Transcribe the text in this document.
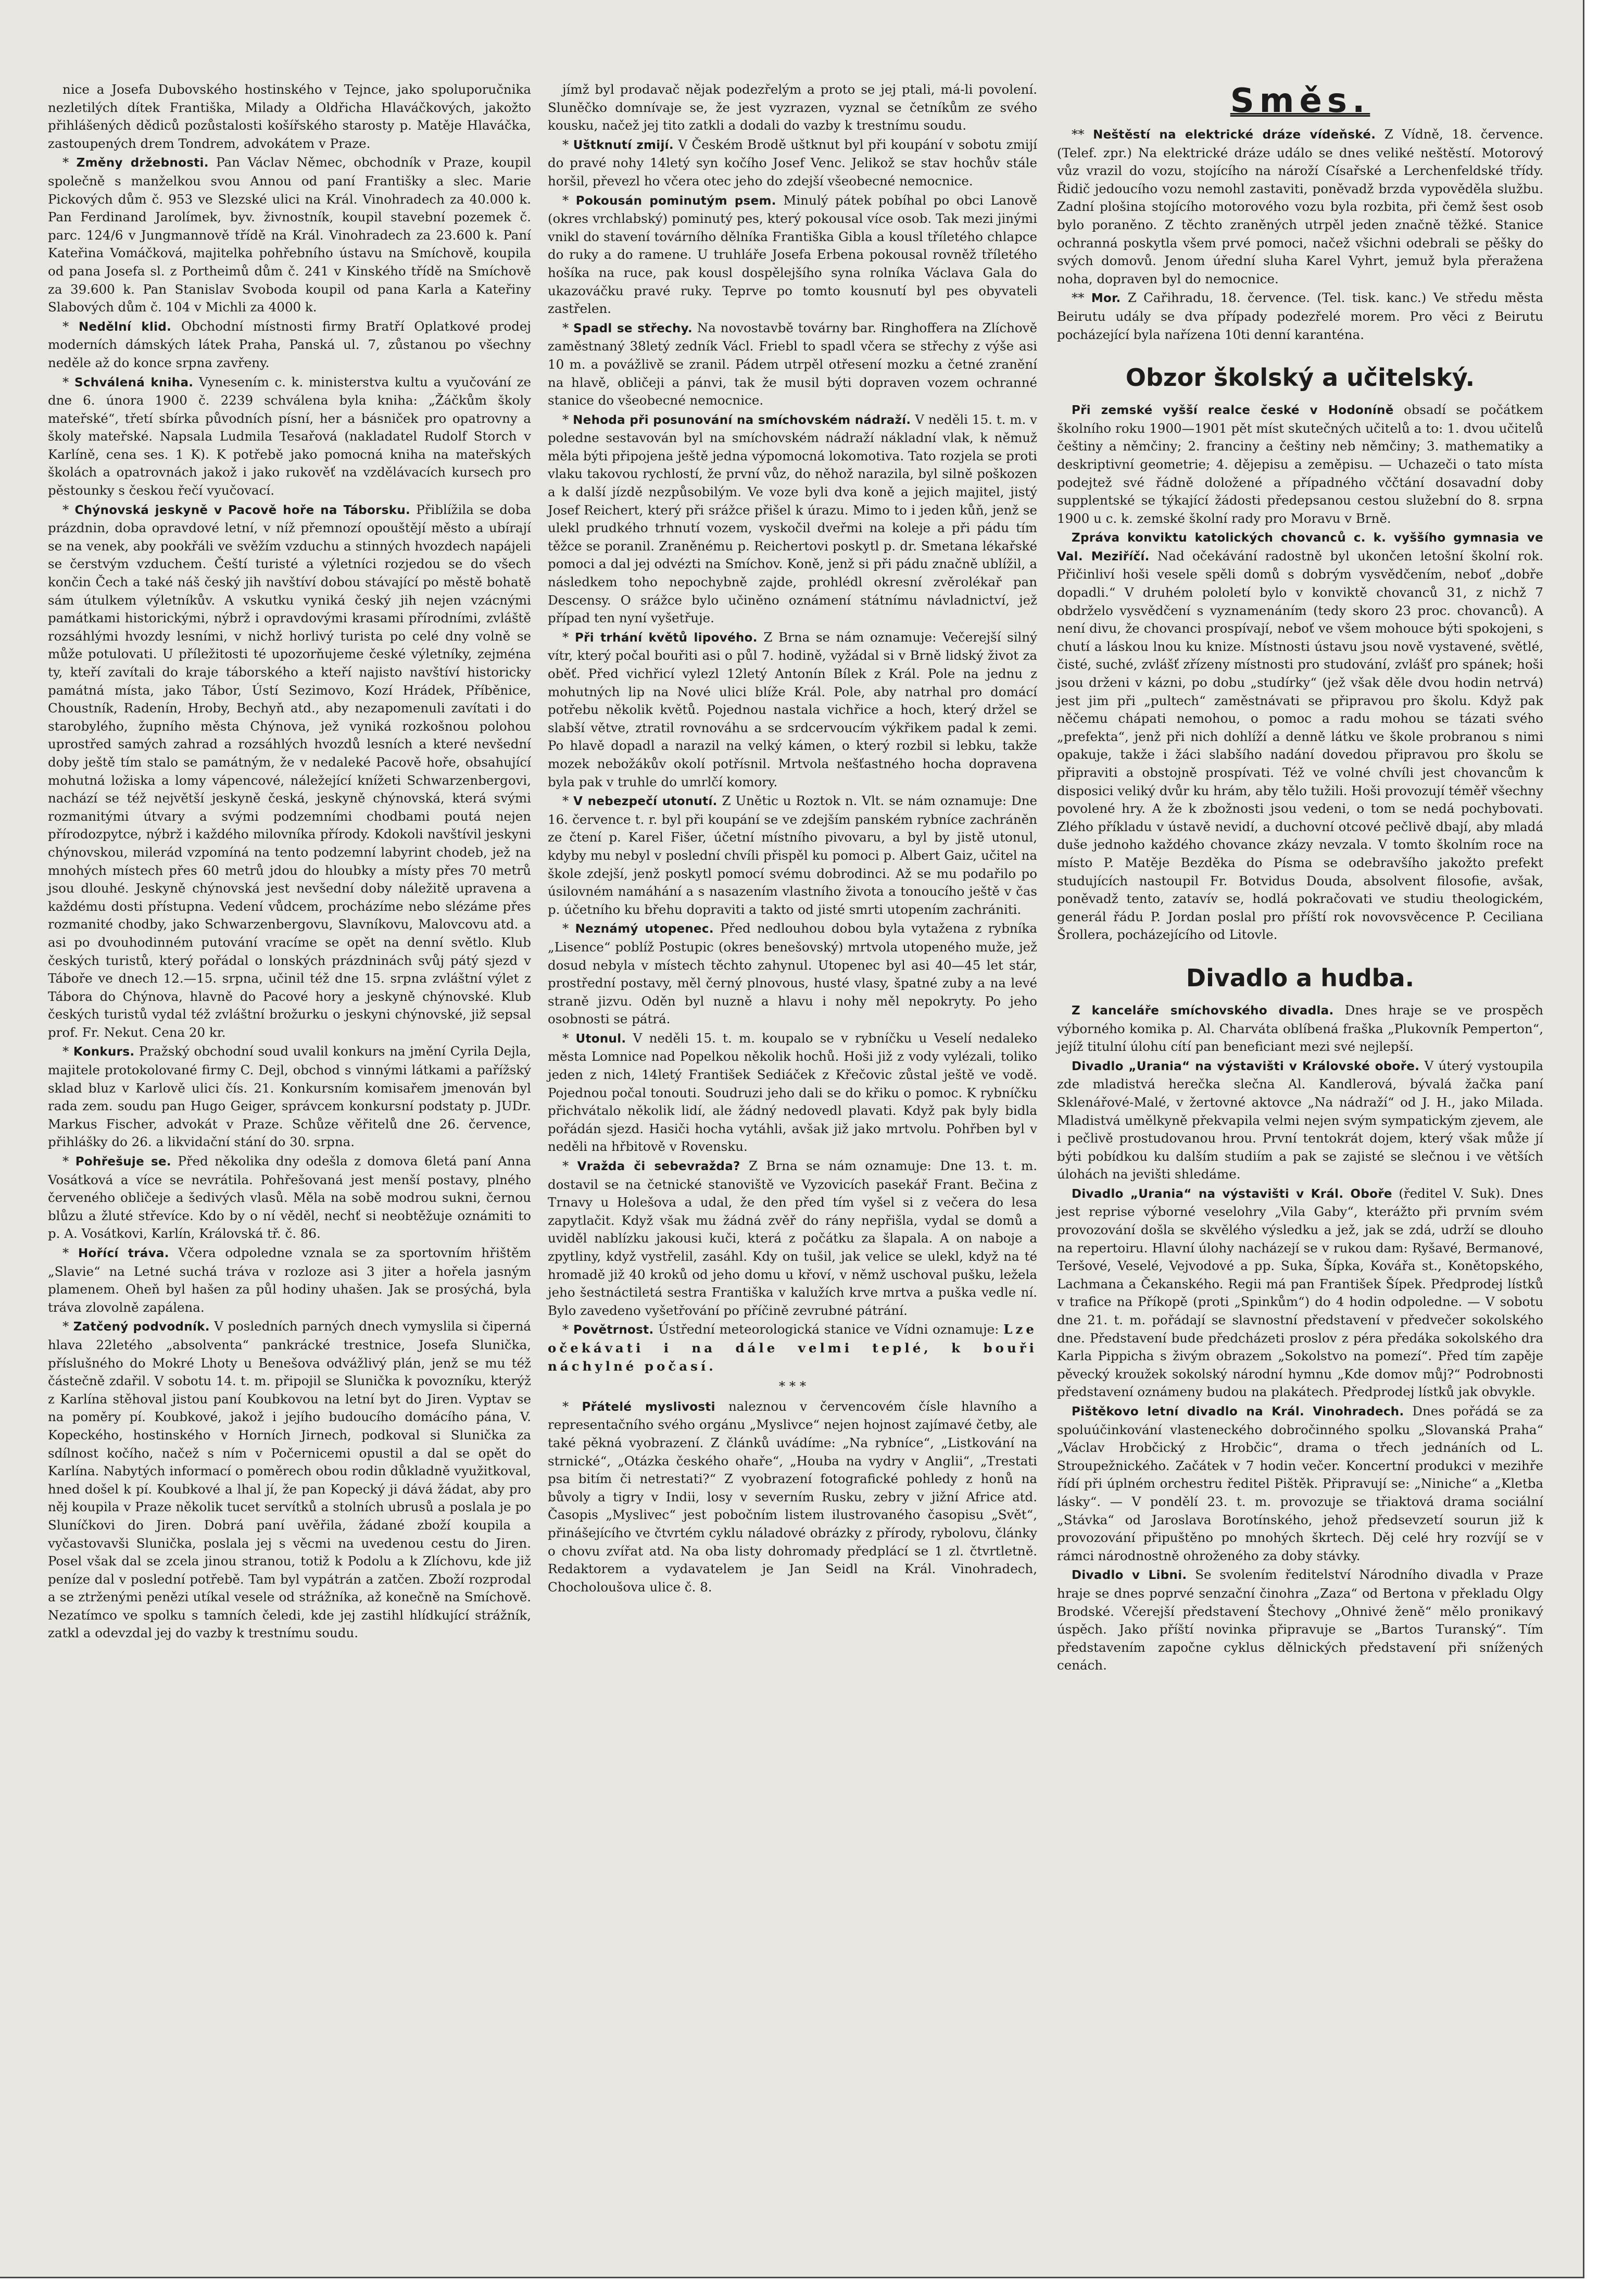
nice a Josefa Dubovského hostinského v Tejnce, jako spoluporučnika nezletilých dítek Františka, Milady a Oldřicha Hlaváčkových, jakožto přihlášených dědiců pozůstalosti košířského starosty p. Matěje Hlaváčka, zastoupených drem Tondrem, advokátem v Praze.

* Změny držebnosti. Pan Václav Němec, obchodník v Praze, koupil společně s manželkou svou Annou od paní Františky a slec. Marie Pickových dům č. 953 ve Slezské ulici na Král. Vinohradech za 40.000 k. Pan Ferdinand Jarolímek, byv. živnostník, koupil stavební pozemek č. parc. 124/6 v Jungmannově třídě na Král. Vinohradech za 23.600 k. Paní Kateřina Vomáčková, majitelka pohřebního ústavu na Smíchově, koupila od pana Josefa sl. z Portheimů dům č. 241 v Kinského třídě na Smíchově za 39.600 k. Pan Stanislav Svoboda koupil od pana Karla a Kateřiny Slabových dům č. 104 v Michli za 4000 k.

* Nedělní klid. Obchodní místnosti firmy Bratří Oplatkové prodej moderních dámských látek Praha, Panská ul. 7, zůstanou po všechny neděle až do konce srpna zavřeny.

* Schválená kniha. Vynesením c. k. ministerstva kultu a vyučování ze dne 6. února 1900 č. 2239 schválena byla kniha: „Žáčkům školy mateřské“, třetí sbírka původních písní, her a básniček pro opatrovny a školy mateřské. Napsala Ludmila Tesařová (nakladatel Rudolf Storch v Karlíně, cena ses. 1 K). K potřebě jako pomocná kniha na mateřských školách a opatrovnách jakož i jako rukověť na vzdělávacích kursech pro pěstounky s českou řečí vyučovací.

* Chýnovská jeskyně v Pacově hoře na Táborsku. Přiblížila se doba prázdnin, doba opravdové letní, v níž přemnozí opouštějí město a ubírají se na venek, aby pookřáli ve svěžím vzduchu a stinných hvozdech napájeli se čerstvým vzduchem. Čeští turisté a výletníci rozjedou se do všech končin Čech a také náš český jih navštíví dobou stávající po městě bohatě sám útulkem výletníkův. A vskutku vyniká český jih nejen vzácnými památkami historickými, nýbrž i opravdovými krasami přírodními, zvláště rozsáhlými hvozdy lesními, v nichž horlivý turista po celé dny volně se může potulovati. U příležitosti té upozorňujeme české výletníky, zejména ty, kteří zavítali do kraje táborského a kteří najisto navštíví historicky památná místa, jako Tábor, Ústí Sezimovo, Kozí Hrádek, Příběnice, Choustník, Radenín, Hroby, Bechyň atd., aby nezapomenuli zavítati i do starobylého, župního města Chýnova, jež vyniká rozkošnou polohou uprostřed samých zahrad a rozsáhlých hvozdů lesních a které nevšední doby ještě tím stalo se památným, že v nedaleké Pacově hoře, obsahující mohutná ložiska a lomy vápencové, náležející knížeti Schwarzenbergovi, nachází se též největší jeskyně česká, jeskyně chýnovská, která svými rozmanitými útvary a svými podzemními chodbami poutá nejen přírodozpytce, nýbrž i každého milovníka přírody. Kdokoli navštívil jeskyni chýnovskou, milerád vzpomíná na tento podzemní labyrint chodeb, jež na mnohých místech přes 60 metrů jdou do hloubky a místy přes 70 metrů jsou dlouhé. Jeskyně chýnovská jest nevšední doby náležitě upravena a každému dosti přístupna. Vedení vůdcem, procházíme nebo slézáme přes rozmanité chodby, jako Schwarzenbergovu, Slavníkovu, Malovcovu atd. a asi po dvouhodinném putování vracíme se opět na denní světlo. Klub českých turistů, který pořádal o lonských prázdninách svůj pátý sjezd v Táboře ve dnech 12.—15. srpna, učinil též dne 15. srpna zvláštní výlet z Tábora do Chýnova, hlavně do Pacové hory a jeskyně chýnovské. Klub českých turistů vydal též zvláštní brožurku o jeskyni chýnovské, již sepsal prof. Fr. Nekut. Cena 20 kr.

* Konkurs. Pražský obchodní soud uvalil konkurs na jmění Cyrila Dejla, majitele protokolované firmy C. Dejl, obchod s vinnými látkami a pařížský sklad bluz v Karlově ulici čís. 21. Konkursním komisařem jmenován byl rada zem. soudu pan Hugo Geiger, správcem konkursní podstaty p. JUDr. Markus Fischer, advokát v Praze. Schůze věřitelů dne 26. července, přihlášky do 26. a likvidační stání do 30. srpna.

* Pohřešuje se. Před několika dny odešla z domova 6letá paní Anna Vosátková a více se nevrátila. Pohřešovaná jest menší postavy, plného červeného obličeje a šedivých vlasů. Měla na sobě modrou sukni, černou blůzu a žluté střevíce. Kdo by o ní věděl, nechť si neobtěžuje oznámiti to p. A. Vosátkovi, Karlín, Královská tř. č. 86.

* Hořící tráva. Včera odpoledne vznala se za sportovním hřištěm „Slavie“ na Letné suchá tráva v rozloze asi 3 jiter a hořela jasným plamenem. Oheň byl hašen za půl hodiny uhašen. Jak se prosýchá, byla tráva zlovolně zapálena.

* Zatčený podvodník. V posledních parných dnech vymyslila si čiperná hlava 22letého „absolventa“ pankrácké trestnice, Josefa Slunička, příslušného do Mokré Lhoty u Benešova odvážlivý plán, jenž se mu též částečně zdařil. V sobotu 14. t. m. připojil se Slunička k povozníku, kterýž z Karlína stěhoval jistou paní Koubkovou na letní byt do Jiren. Vyptav se na poměry pí. Koubkové, jakož i jejího budoucího domácího pána, V. Kopeckého, hostinského v Horních Jirnech, podkoval si Slunička za sdílnost kočího, načež s ním v Počernicemi opustil a dal se opět do Karlína. Nabytých informací o poměrech obou rodin důkladně využitkoval, hned došel k pí. Koubkové a lhal jí, že pan Kopecký ji dává žádat, aby pro něj koupila v Praze několik tucet servítků a stolních ubrusů a poslala je po Sluníčkovi do Jiren. Dobrá paní uvěřila, žádané zboží koupila a vyčastovavši Slunička, poslala jej s věcmi na uvedenou cestu do Jiren. Posel však dal se zcela jinou stranou, totiž k Podolu a k Zlíchovu, kde již peníze dal v poslední potřebě. Tam byl vypátrán a zatčen. Zboží rozprodal a se ztrženými penězi utíkal vesele od strážníka, až konečně na Smíchově. Nezatímco ve spolku s tamních čeledi, kde jej zastihl hlídkující strážník, zatkl a odevzdal jej do vazby k trestnímu soudu.

jímž byl prodavač nějak podezřelým a proto se jej ptali, má-li povolení. Sluněčko domnívaje se, že jest vyzrazen, vyznal se četníkům ze svého kousku, načež jej tito zatkli a dodali do vazby k trestnímu soudu.

* Uštknutí zmijí. V Českém Brodě uštknut byl při koupání v sobotu zmijí do pravé nohy 14letý syn kočího Josef Venc. Jelikož se stav hochův stále horšil, převezl ho včera otec jeho do zdejší všeobecné nemocnice.

* Pokousán pominutým psem. Minulý pátek pobíhal po obci Lanově (okres vrchlabský) pominutý pes, který pokousal více osob. Tak mezi jinými vnikl do stavení továrního dělníka Františka Gibla a kousl tříletého chlapce do ruky a do ramene. U truhláře Josefa Erbena pokousal rovněž tříletého hošíka na ruce, pak kousl dospělejšího syna rolníka Václava Gala do ukazováčku pravé ruky. Teprve po tomto kousnutí byl pes obyvateli zastřelen.

* Spadl se střechy. Na novostavbě továrny bar. Ringhoffera na Zlíchově zaměstnaný 38letý zedník Václ. Friebl to spadl včera se střechy z výše asi 10 m. a povážlivě se zranil. Pádem utrpěl otřesení mozku a četné zranění na hlavě, obličeji a pánvi, tak že musil býti dopraven vozem ochranné stanice do všeobecné nemocnice.

* Nehoda při posunování na smíchovském nádraží. V neděli 15. t. m. v poledne sestavován byl na smíchovském nádraží nákladní vlak, k němuž měla býti připojena ještě jedna výpomocná lokomotiva. Tato rozjela se proti vlaku takovou rychlostí, že první vůz, do něhož narazila, byl silně poškozen a k další jízdě nezpůsobilým. Ve voze byli dva koně a jejich majitel, jistý Josef Reichert, který při srážce přišel k úrazu. Mimo to i jeden kůň, jenž se ulekl prudkého trhnutí vozem, vyskočil dveřmi na koleje a při pádu tím těžce se poranil. Zraněnému p. Reichertovi poskytl p. dr. Smetana lékařské pomoci a dal jej odvézti na Smíchov. Koně, jenž si při pádu značně ublížil, a následkem toho nepochybně zajde, prohlédl okresní zvěrolékař pan Descensy. O srážce bylo učiněno oznámení státnímu návladnictví, jež případ ten nyní vyšetřuje.

* Při trhání květů lipového. Z Brna se nám oznamuje: Večerejší silný vítr, který počal bouřiti asi o půl 7. hodině, vyžádal si v Brně lidský život za oběť. Před vichřicí vylezl 12letý Antonín Bílek z Král. Pole na jednu z mohutných lip na Nové ulici blíže Král. Pole, aby natrhal pro domácí potřebu několik květů. Pojednou nastala vichřice a hoch, který držel se slabší větve, ztratil rovnováhu a se srdcervoucím výkřikem padal k zemi. Po hlavě dopadl a narazil na velký kámen, o který rozbil si lebku, takže mozek nebožákův okolí potřísnil. Mrtvola nešťastného hocha dopravena byla pak v truhle do umrlčí komory.

* V nebezpečí utonutí. Z Unětic u Roztok n. Vlt. se nám oznamuje: Dne 16. července t. r. byl při koupání se ve zdejším panském rybníce zachráněn ze čtení p. Karel Fišer, účetní místního pivovaru, a byl by jistě utonul, kdyby mu nebyl v poslední chvíli přispěl ku pomoci p. Albert Gaiz, učitel na škole zdejší, jenž poskytl pomocí svému dobrodinci. Až se mu podařilo po úsilovném namáhání a s nasazením vlastního života a tonoucího ještě v čas p. účetního ku břehu dopraviti a takto od jisté smrti utopením zachrániti.

* Neznámý utopenec. Před nedlouhou dobou byla vytažena z rybníka „Lisence“ poblíž Postupic (okres benešovský) mrtvola utopeného muže, jež dosud nebyla v místech těchto zahynul. Utopenec byl asi 40—45 let stár, prostřední postavy, měl černý plnovous, husté vlasy, špatné zuby a na levé straně jizvu. Oděn byl nuzně a hlavu i nohy měl nepokryty. Po jeho osobnosti se pátrá.

* Utonul. V neděli 15. t. m. koupalo se v rybníčku u Veselí nedaleko města Lomnice nad Popelkou několik hochů. Hoši již z vody vylézali, toliko jeden z nich, 14letý František Sediáček z Křečovic zůstal ještě ve vodě. Pojednou počal tonouti. Soudruzi jeho dali se do křiku o pomoc. K rybníčku přichvátalo několik lidí, ale žádný nedovedl plavati. Když pak byly bidla pořádán sjezd. Hasiči hocha vytáhli, avšak již jako mrtvolu. Pohřben byl v neděli na hřbitově v Rovensku.

* Vražda či sebevražda? Z Brna se nám oznamuje: Dne 13. t. m. dostavil se na četnické stanoviště ve Vyzovicích pasekář Frant. Bečina z Trnavy u Holešova a udal, že den před tím vyšel si z večera do lesa zapytlačit. Když však mu žádná zvěř do rány nepřišla, vydal se domů a uviděl nablízku jakousi kuči, která z počátku za šlapala. A on naboje a zpytliny, když vystřelil, zasáhl. Kdy on tušil, jak velice se ulekl, když na té hromadě již 40 kroků od jeho domu u křoví, v němž uschoval pušku, ležela jeho šestnáctiletá sestra Františka v kalužích krve mrtva a puška vedle ní. Bylo zavedeno vyšetřování po příčině zevrubné pátrání.

* Povětrnost. Ústřední meteorologická stanice ve Vídni oznamuje: Lze očekávati i na dále velmi teplé, k bouři náchylné počasí.

* * *

* Přátelé myslivosti naleznou v červencovém čísle hlavního a representačního svého orgánu „Myslivce“ nejen hojnost zajímavé četby, ale také pěkná vyobrazení. Z článků uvádíme: „Na rybníce“, „Listkování na strnické“, „Otázka českého ohaře“, „Houba na vydry v Anglii“, „Trestati psa bitím či netrestati?“ Z vyobrazení fotografické pohledy z honů na bůvoly a tigry v Indii, losy v severním Rusku, zebry v jižní Africe atd. Časopis „Myslivec“ jest pobočním listem ilustrovaného časopisu „Svět“, přinášejícího ve čtvrtém cyklu náladové obrázky z přírody, rybolovu, články o chovu zvířat atd. Na oba listy dohromady předplácí se 1 zl. čtvrtletně. Redaktorem a vydavatelem je Jan Seidl na Král. Vinohradech, Chocholoušova ulice č. 8.

Směs.

** Neštěstí na elektrické dráze vídeňské. Z Vídně, 18. července. (Telef. zpr.) Na elektrické dráze událo se dnes veliké neštěstí. Motorový vůz vrazil do vozu, stojícího na nároží Císařské a Lerchenfeldské třídy. Řidič jedoucího vozu nemohl zastaviti, poněvadž brzda vypověděla službu. Zadní plošina stojícího motorového vozu byla rozbita, při čemž šest osob bylo poraněno. Z těchto zraněných utrpěl jeden značně těžké. Stanice ochranná poskytla všem prvé pomoci, načež všichni odebrali se pěšky do svých domovů. Jenom úřední sluha Karel Vyhrt, jemuž byla přeražena noha, dopraven byl do nemocnice.

** Mor. Z Cařihradu, 18. července. (Tel. tisk. kanc.) Ve středu města Beirutu udály se dva případy podezřelé morem. Pro věci z Beirutu pocházející byla nařízena 10ti denní karanténa.

Obzor školský a učitelský.

Při zemské vyšší realce české v Hodoníně obsadí se počátkem školního roku 1900—1901 pět míst skutečných učitelů a to: 1. dvou učitelů češtiny a němčiny; 2. franciny a češtiny neb němčiny; 3. mathematiky a deskriptivní geometrie; 4. dějepisu a zeměpisu. — Uchazeči o tato místa podejtež své řádně doložené a případného vččtání dosavadní doby supplentské se týkající žádosti předepsanou cestou služební do 8. srpna 1900 u c. k. zemské školní rady pro Moravu v Brně.

Zpráva konviktu katolických chovanců c. k. vyššího gymnasia ve Val. Meziříčí. Nad očekávání radostně byl ukončen letošní školní rok. Přičinliví hoši vesele spěli domů s dobrým vysvědčením, neboť „dobře dopadli.“ V druhém pololetí bylo v konviktě chovanců 31, z nichž 7 obdrželo vysvědčení s vyznamenáním (tedy skoro 23 proc. chovanců). A není divu, že chovanci prospívají, neboť ve všem mohouce býti spokojeni, s chutí a láskou lnou ku knize. Místnosti ústavu jsou nově vystavené, světlé, čisté, suché, zvlášť zřízeny místnosti pro studování, zvlášť pro spánek; hoši jsou drženi v kázni, po dobu „studírky“ (jež však děle dvou hodin netrvá) jest jim při „pultech“ zaměstnávati se připravou pro školu. Když pak něčemu chápati nemohou, o pomoc a radu mohou se tázati svého „prefekta“, jenž při nich dohlíží a denně látku ve škole probranou s nimi opakuje, takže i žáci slabšího nadání dovedou připravou pro školu se připraviti a obstojně prospívati. Též ve volné chvíli jest chovancům k disposici veliký dvůr ku hrám, aby tělo tužili. Hoši provozují téměř všechny povolené hry. A že k zbožnosti jsou vedeni, o tom se nedá pochybovati. Zlého příkladu v ústavě nevidí, a duchovní otcové pečlivě dbají, aby mladá duše jednoho každého chovance zkázy nevzala. V tomto školním roce na místo P. Matěje Bezděka do Písma se odebravšího jakožto prefekt studujících nastoupil Fr. Botvidus Douda, absolvent filosofie, avšak, poněvadž tento, zatavív se, hodlá pokračovati ve studiu theologickém, generál řádu P. Jordan poslal pro příští rok novovsvěcence P. Ceciliana Šrollera, pocházejícího od Litovle.

Divadlo a hudba.

Z kanceláře smíchovského divadla. Dnes hraje se ve prospěch výborného komika p. Al. Charváta oblíbená fraška „Plukovník Pemperton“, jejíž titulní úlohu cítí pan beneficiant mezi své nejlepší.

Divadlo „Urania“ na výstavišti v Královské oboře. V úterý vystoupila zde mladistvá herečka slečna Al. Kandlerová, bývalá žačka paní Sklenářové-Malé, v žertovné aktovce „Na nádraží“ od J. H., jako Milada. Mladistvá umělkyně překvapila velmi nejen svým sympatickým zjevem, ale i pečlivě prostudovanou hrou. První tentokrát dojem, který však může jí býti pobídkou ku dalším studiím a pak se zajisté se slečnou i ve větších úlohách na jevišti shledáme.

Divadlo „Urania“ na výstavišti v Král. Oboře (ředitel V. Suk). Dnes jest reprise výborné veselohry „Vila Gaby“, kterážto při prvním svém provozování došla se skvělého výsledku a jež, jak se zdá, udrží se dlouho na repertoiru. Hlavní úlohy nacházejí se v rukou dam: Ryšavé, Bermanové, Teršové, Veselé, Vejvodové a pp. Suka, Šípka, Kovářa st., Konětopského, Lachmana a Čekanského. Regii má pan František Šípek. Předprodej lístků v trafice na Příkopě (proti „Spinkům“) do 4 hodin odpoledne. — V sobotu dne 21. t. m. pořádají se slavnostní představení v předvečer sokolského dne. Představení bude předcházeti proslov z péra předáka sokolského dra Karla Pippicha s živým obrazem „Sokolstvo na pomezí“. Před tím zapěje pěvecký kroužek sokolský národní hymnu „Kde domov můj?“ Podrobnosti představení oznámeny budou na plakátech. Předprodej lístků jak obvykle.

Pištěkovo letní divadlo na Král. Vinohradech. Dnes pořádá se za spoluúčinkování vlasteneckého dobročinného spolku „Slovanská Praha“ „Václav Hrobčický z Hrobčic“, drama o třech jednáních od L. Stroupežnického. Začátek v 7 hodin večer. Koncertní produkci v mezihře řídí při úplném orchestru ředitel Pištěk. Připravují se: „Niniche“ a „Kletba lásky“. — V pondělí 23. t. m. provozuje se třiaktová drama sociální „Stávka“ od Jaroslava Borotínského, jehož předsevzetí sourun již k provozování připuštěno po mnohých škrtech. Děj celé hry rozvíjí se v rámci národnostně ohroženého za doby stávky.

Divadlo v Libni. Se svolením ředitelství Národního divadla v Praze hraje se dnes poprvé senzační činohra „Zaza“ od Bertona v překladu Olgy Brodské. Včerejší představení Štechovy „Ohnivé ženě“ mělo pronikavý úspěch. Jako příští novinka připravuje se „Bartos Turanský“. Tím představením započne cyklus dělnických představení při snížených cenách.
